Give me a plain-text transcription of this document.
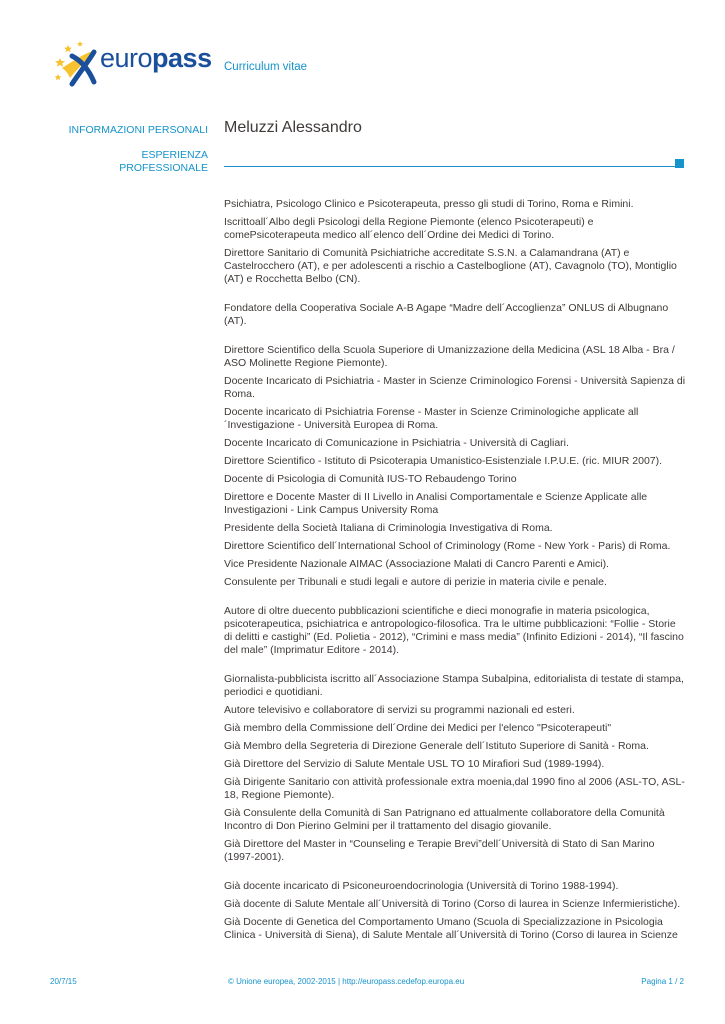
europass Curriculum vitae
INFORMAZIONI PERSONALI Meluzzi Alessandro
ESPERIENZA
PROFESSIONALE

Psichiatra, Psicologo Clinico e Psicoterapeuta, presso gli studi di Torino, Roma e Rimini.

Iscrittoall´Albo degli Psicologi della Regione Piemonte (elenco Psicoterapeuti) e comePsicoterapeuta medico all´elenco dell´Ordine dei Medici di Torino.

Direttore Sanitario di Comunità Psichiatriche accreditate S.S.N. a Calamandrana (AT) e Castelrocchero (AT), e per adolescenti a rischio a Castelboglione (AT), Cavagnolo (TO), Montiglio (AT) e Rocchetta Belbo (CN).

Fondatore della Cooperativa Sociale A-B Agape “Madre dell´Accoglienza” ONLUS di Albugnano (AT).

Direttore Scientifico della Scuola Superiore di Umanizzazione della Medicina (ASL 18 Alba - Bra / ASO Molinette Regione Piemonte).

Docente Incaricato di Psichiatria - Master in Scienze Criminologico Forensi - Università Sapienza di Roma.

Docente incaricato di Psichiatria Forense - Master in Scienze Criminologiche applicate all´Investigazione - Università Europea di Roma.

Docente Incaricato di Comunicazione in Psichiatria - Università di Cagliari.

Direttore Scientifico - Istituto di Psicoterapia Umanistico-Esistenziale I.P.U.E. (ric. MIUR 2007).

Docente di Psicologia di Comunità IUS-TO Rebaudengo Torino

Direttore e Docente Master di II Livello in Analisi Comportamentale e Scienze Applicate alle Investigazioni - Link Campus University Roma

Presidente della Società Italiana di Criminologia Investigativa di Roma.

Direttore Scientifico dell´International School of Criminology (Rome - New York - Paris) di Roma.

Vice Presidente Nazionale AIMAC (Associazione Malati di Cancro Parenti e Amici).

Consulente per Tribunali e studi legali e autore di perizie in materia civile e penale.

Autore di oltre duecento pubblicazioni scientifiche e dieci monografie in materia psicologica, psicoterapeutica, psichiatrica e antropologico-filosofica. Tra le ultime pubblicazioni: “Follie - Storie di delitti e castighi” (Ed. Polietia - 2012), “Crimini e mass media” (Infinito Edizioni - 2014), “Il fascino del male” (Imprimatur Editore - 2014).

Giornalista-pubblicista iscritto all´Associazione Stampa Subalpina, editorialista di testate di stampa, periodici e quotidiani.

Autore televisivo e collaboratore di servizi su programmi nazionali ed esteri.

Già membro della Commissione dell´Ordine dei Medici per l'elenco "Psicoterapeuti"

Già Membro della Segreteria di Direzione Generale dell´Istituto Superiore di Sanità - Roma.

Già Direttore del Servizio di Salute Mentale USL TO 10 Mirafiori Sud (1989-1994).

Già Dirigente Sanitario con attività professionale extra moenia,dal 1990 fino al 2006 (ASL-TO, ASL-18, Regione Piemonte).

Già Consulente della Comunità di San Patrignano ed attualmente collaboratore della Comunità Incontro di Don Pierino Gelmini per il trattamento del disagio giovanile.

Già Direttore del Master in “Counseling e Terapie Brevi”dell´Università di Stato di San Marino (1997-2001).

Già docente incaricato di Psiconeuroendocrinologia (Università di Torino 1988-1994).

Già docente di Salute Mentale all´Università di Torino (Corso di laurea in Scienze Infermieristiche).

Già Docente di Genetica del Comportamento Umano (Scuola di Specializzazione in Psicologia Clinica - Università di Siena), di Salute Mentale all´Università di Torino (Corso di laurea in Scienze

20/7/15	© Unione europea, 2002-2015 | http://europass.cedefop.europa.eu	Pagina 1 / 2
